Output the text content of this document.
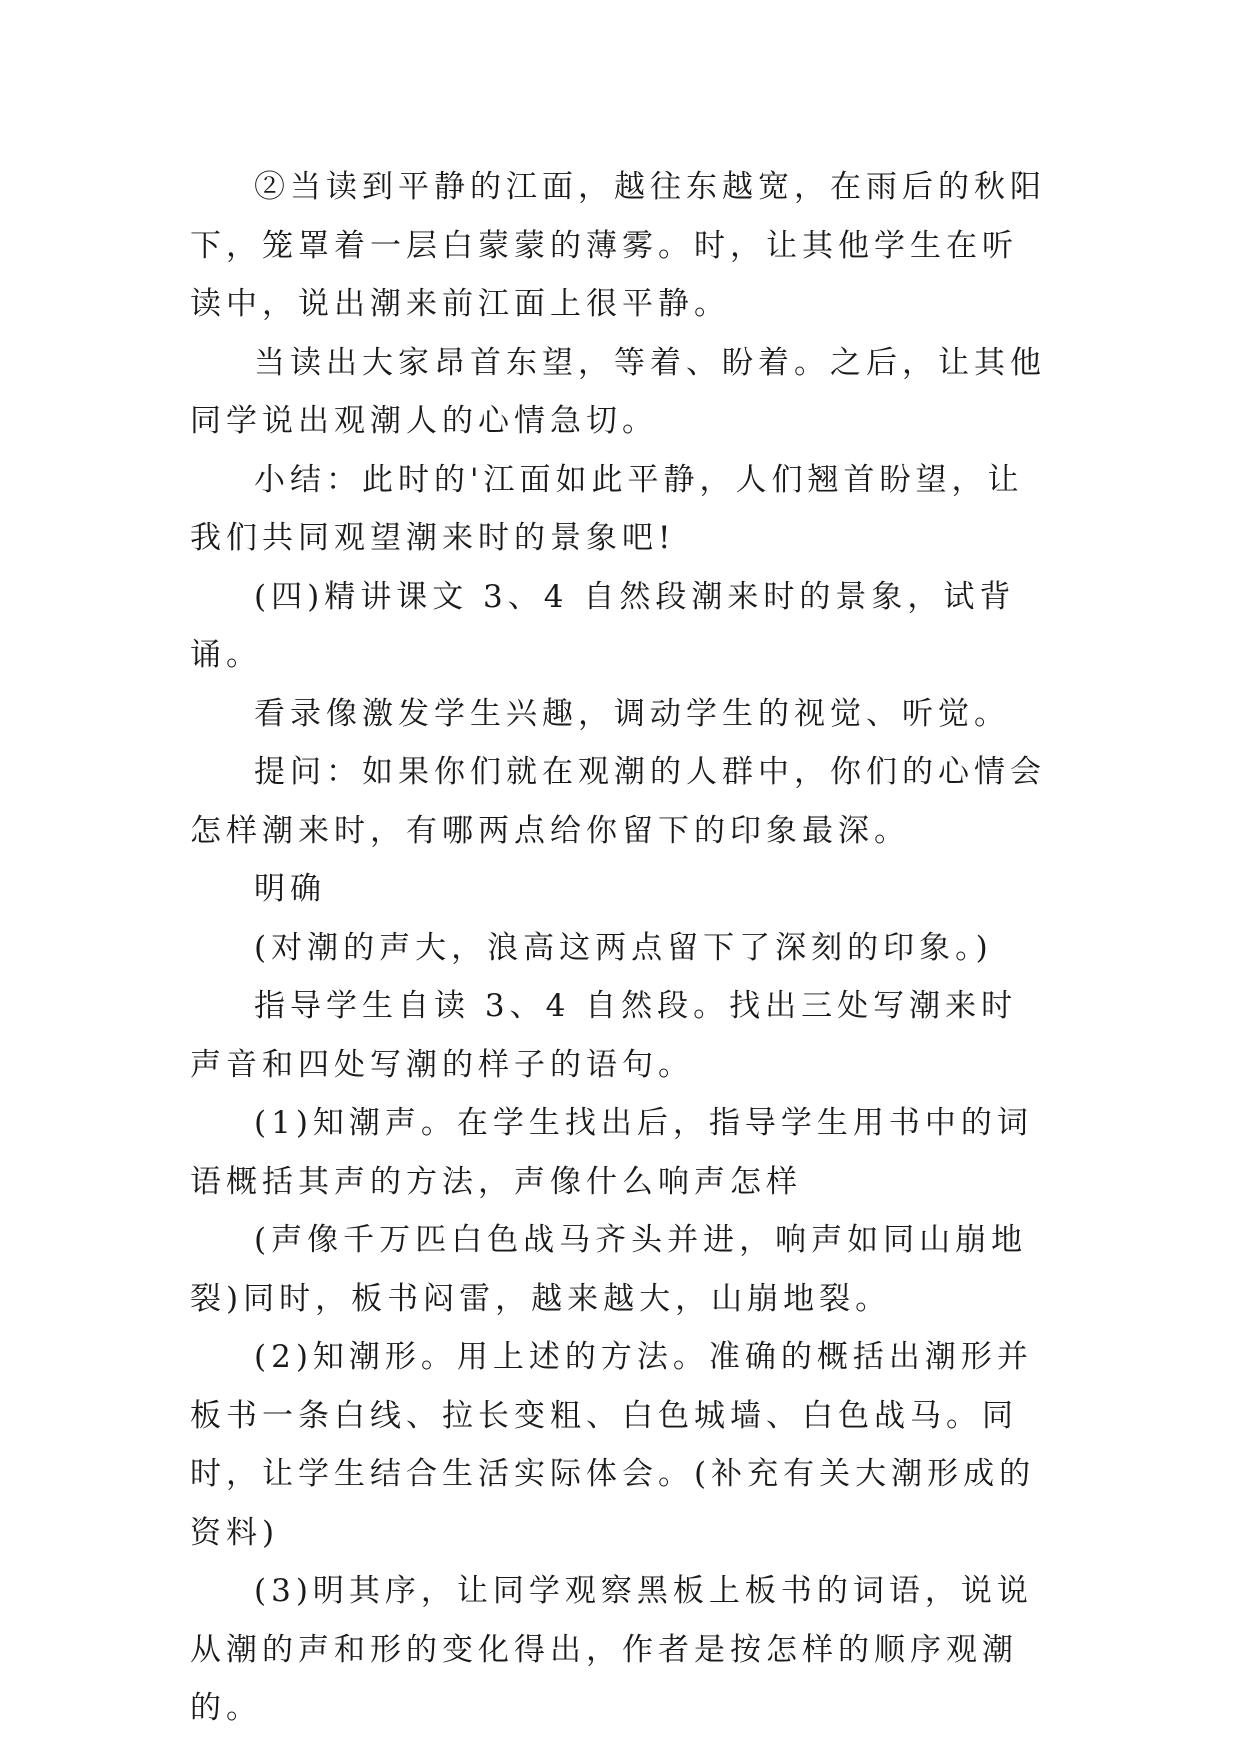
②当读到平静的江面，越往东越宽，在雨后的秋阳下，笼罩着一层白蒙蒙的薄雾。时，让其他学生在听读中，说出潮来前江面上很平静。

当读出大家昂首东望，等着、盼着。之后，让其他同学说出观潮人的心情急切。

小结：此时的'江面如此平静，人们翘首盼望，让我们共同观望潮来时的景象吧!

(四)精讲课文 3、4 自然段潮来时的景象，试背诵。

看录像激发学生兴趣，调动学生的视觉、听觉。

提问：如果你们就在观潮的人群中，你们的心情会怎样潮来时，有哪两点给你留下的印象最深。

明确

(对潮的声大，浪高这两点留下了深刻的印象。)

指导学生自读 3、4 自然段。找出三处写潮来时声音和四处写潮的样子的语句。

(1)知潮声。在学生找出后，指导学生用书中的词语概括其声的方法，声像什么响声怎样

(声像千万匹白色战马齐头并进，响声如同山崩地裂)同时，板书闷雷，越来越大，山崩地裂。

(2)知潮形。用上述的方法。准确的概括出潮形并板书一条白线、拉长变粗、白色城墙、白色战马。同时，让学生结合生活实际体会。(补充有关大潮形成的资料)

(3)明其序，让同学观察黑板上板书的词语，说说从潮的声和形的变化得出，作者是按怎样的顺序观潮的。
